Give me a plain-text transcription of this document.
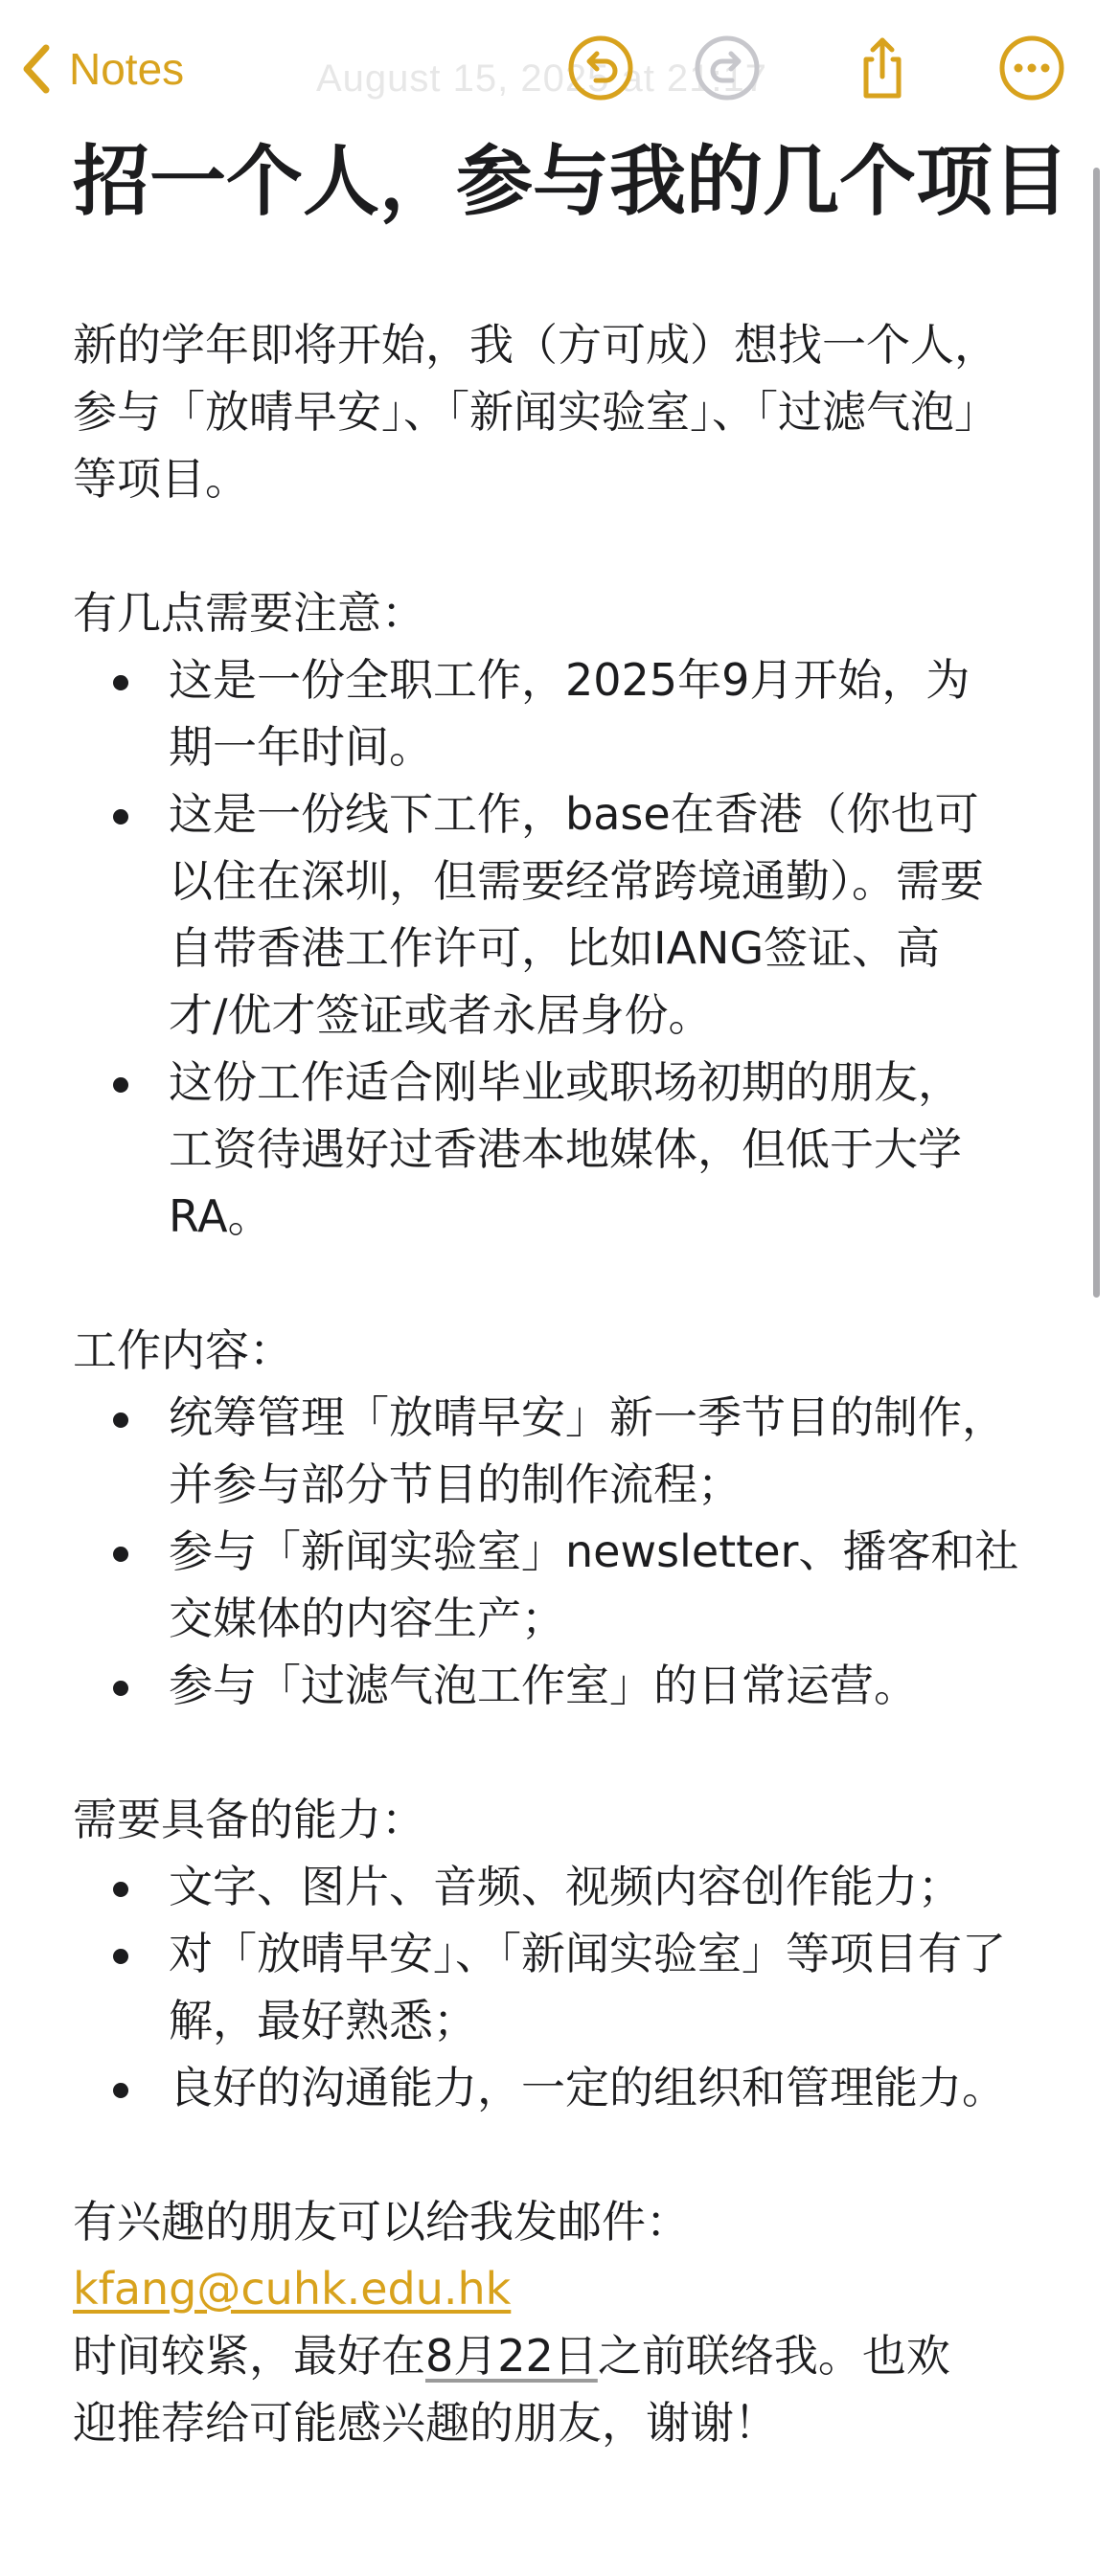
August 15, 2025 at 21:17
Notes
招一个人，参与我的几个项目

新的学年即将开始，我（方可成）想找一个人，

参与「放晴早安」、「新闻实验室」、「过滤气泡」

等项目。

有几点需要注意：

这是一份全职工作，2025年9月开始，为
期一年时间。
这是一份线下工作，base在香港（你也可
以住在深圳，但需要经常跨境通勤）。需要
自带香港工作许可，比如IANG签证、高
才/优才签证或者永居身份。
这份工作适合刚毕业或职场初期的朋友，
工资待遇好过香港本地媒体，但低于大学
RA。

工作内容：

统筹管理「放晴早安」新一季节目的制作，
并参与部分节目的制作流程；
参与「新闻实验室」newsletter、播客和社
交媒体的内容生产；
参与「过滤气泡工作室」的日常运营。

需要具备的能力：

文字、图片、音频、视频内容创作能力；
对「放晴早安」、「新闻实验室」等项目有了
解，最好熟悉；
良好的沟通能力，一定的组织和管理能力。

有兴趣的朋友可以给我发邮件：

kfang@cuhk.edu.hk

时间较紧，最好在8月22日之前联络我。也欢

迎推荐给可能感兴趣的朋友，谢谢！
